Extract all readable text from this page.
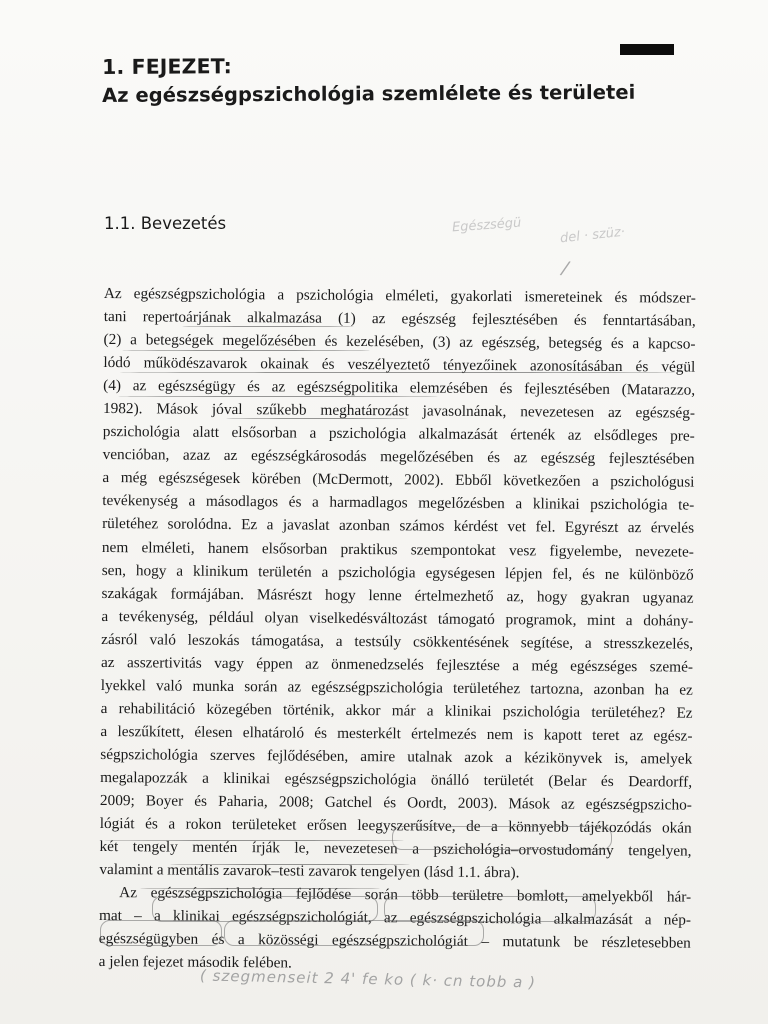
1. FEJEZET:
Az egészségpszichológia szemlélete és területei
1.1. Bevezetés	Egészségü	del · szüz·
/
Az egészségpszichológia a pszichológia elméleti, gyakorlati ismereteinek és módszer-
tani repertoárjának alkalmazása (1) az egészség fejlesztésében és fenntartásában,
(2) a betegségek megelőzésében és kezelésében, (3) az egészség, betegség és a kapcso-
lódó működészavarok okainak és veszélyeztető tényezőinek azonosításában és végül
(4) az egészségügy és az egészségpolitika elemzésében és fejlesztésében (Matarazzo,
1982). Mások jóval szűkebb meghatározást javasolnának, nevezetesen az egészség-
pszichológia alatt elsősorban a pszichológia alkalmazását értenék az elsődleges pre-
vencióban, azaz az egészségkárosodás megelőzésében és az egészség fejlesztésében
a még egészségesek körében (McDermott, 2002). Ebből következően a pszichológusi
tevékenység a másodlagos és a harmadlagos megelőzésben a klinikai pszichológia te-
rületéhez sorolódna. Ez a javaslat azonban számos kérdést vet fel. Egyrészt az érvelés
nem elméleti, hanem elsősorban praktikus szempontokat vesz figyelembe, nevezete-
sen, hogy a klinikum területén a pszichológia egységesen lépjen fel, és ne különböző
szakágak formájában. Másrészt hogy lenne értelmezhető az, hogy gyakran ugyanaz
a tevékenység, például olyan viselkedésváltozást támogató programok, mint a dohány-
zásról való leszokás támogatása, a testsúly csökkentésének segítése, a stresszkezelés,
az asszertivitás vagy éppen az önmenedzselés fejlesztése a még egészséges szemé-
lyekkel való munka során az egészségpszichológia területéhez tartozna, azonban ha ez
a rehabilitáció közegében történik, akkor már a klinikai pszichológia területéhez? Ez
a leszűkített, élesen elhatároló és mesterkélt értelmezés nem is kapott teret az egész-
ségpszichológia szerves fejlődésében, amire utalnak azok a kézikönyvek is, amelyek
megalapozzák a klinikai egészségpszichológia önálló területét (Belar és Deardorff,
2009; Boyer és Paharia, 2008; Gatchel és Oordt, 2003). Mások az egészségpszicho-
lógiát és a rokon területeket erősen leegyszerűsítve, de a könnyebb tájékozódás okán
két tengely mentén írják le, nevezetesen a pszichológia–orvostudomány tengelyen,
valamint a mentális zavarok–testi zavarok tengelyen (lásd 1.1. ábra).
Az egészségpszichológia fejlődése során több területre bomlott, amelyekből hár-
mat – a klinikai egészségpszichológiát, az egészségpszichológia alkalmazását a nép-
egészségügyben és a közösségi egészségpszichológiát – mutatunk be részletesebben
a jelen fejezet második felében.
( szegmenseit 2 4' fe ko ( k· cn tobb a )
